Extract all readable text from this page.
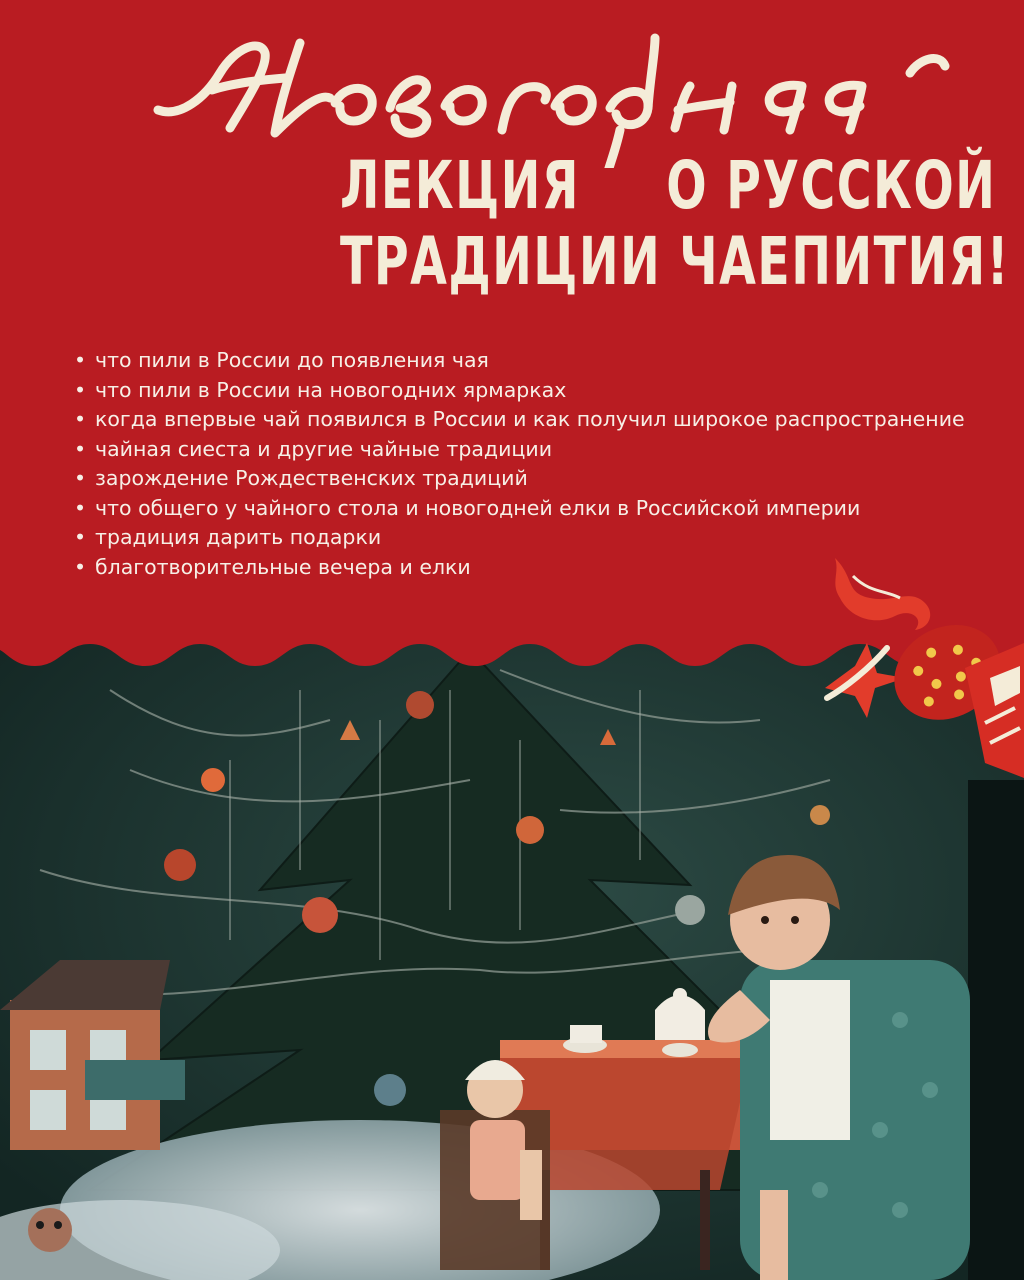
ЛЕКЦИЯ О РУССКОЙ
ТРАДИЦИИ ЧАЕПИТИЯ!
• что пили в России до появления чая
• что пили в России на новогодних ярмарках
• когда впервые чай появился в России и как получил широкое распространение
• чайная сиеста и другие чайные традиции
• зарождение Рождественских традиций
• что общего у чайного стола и новогодней елки в Российской империи
• традиция дарить подарки
• благотворительные вечера и елки
